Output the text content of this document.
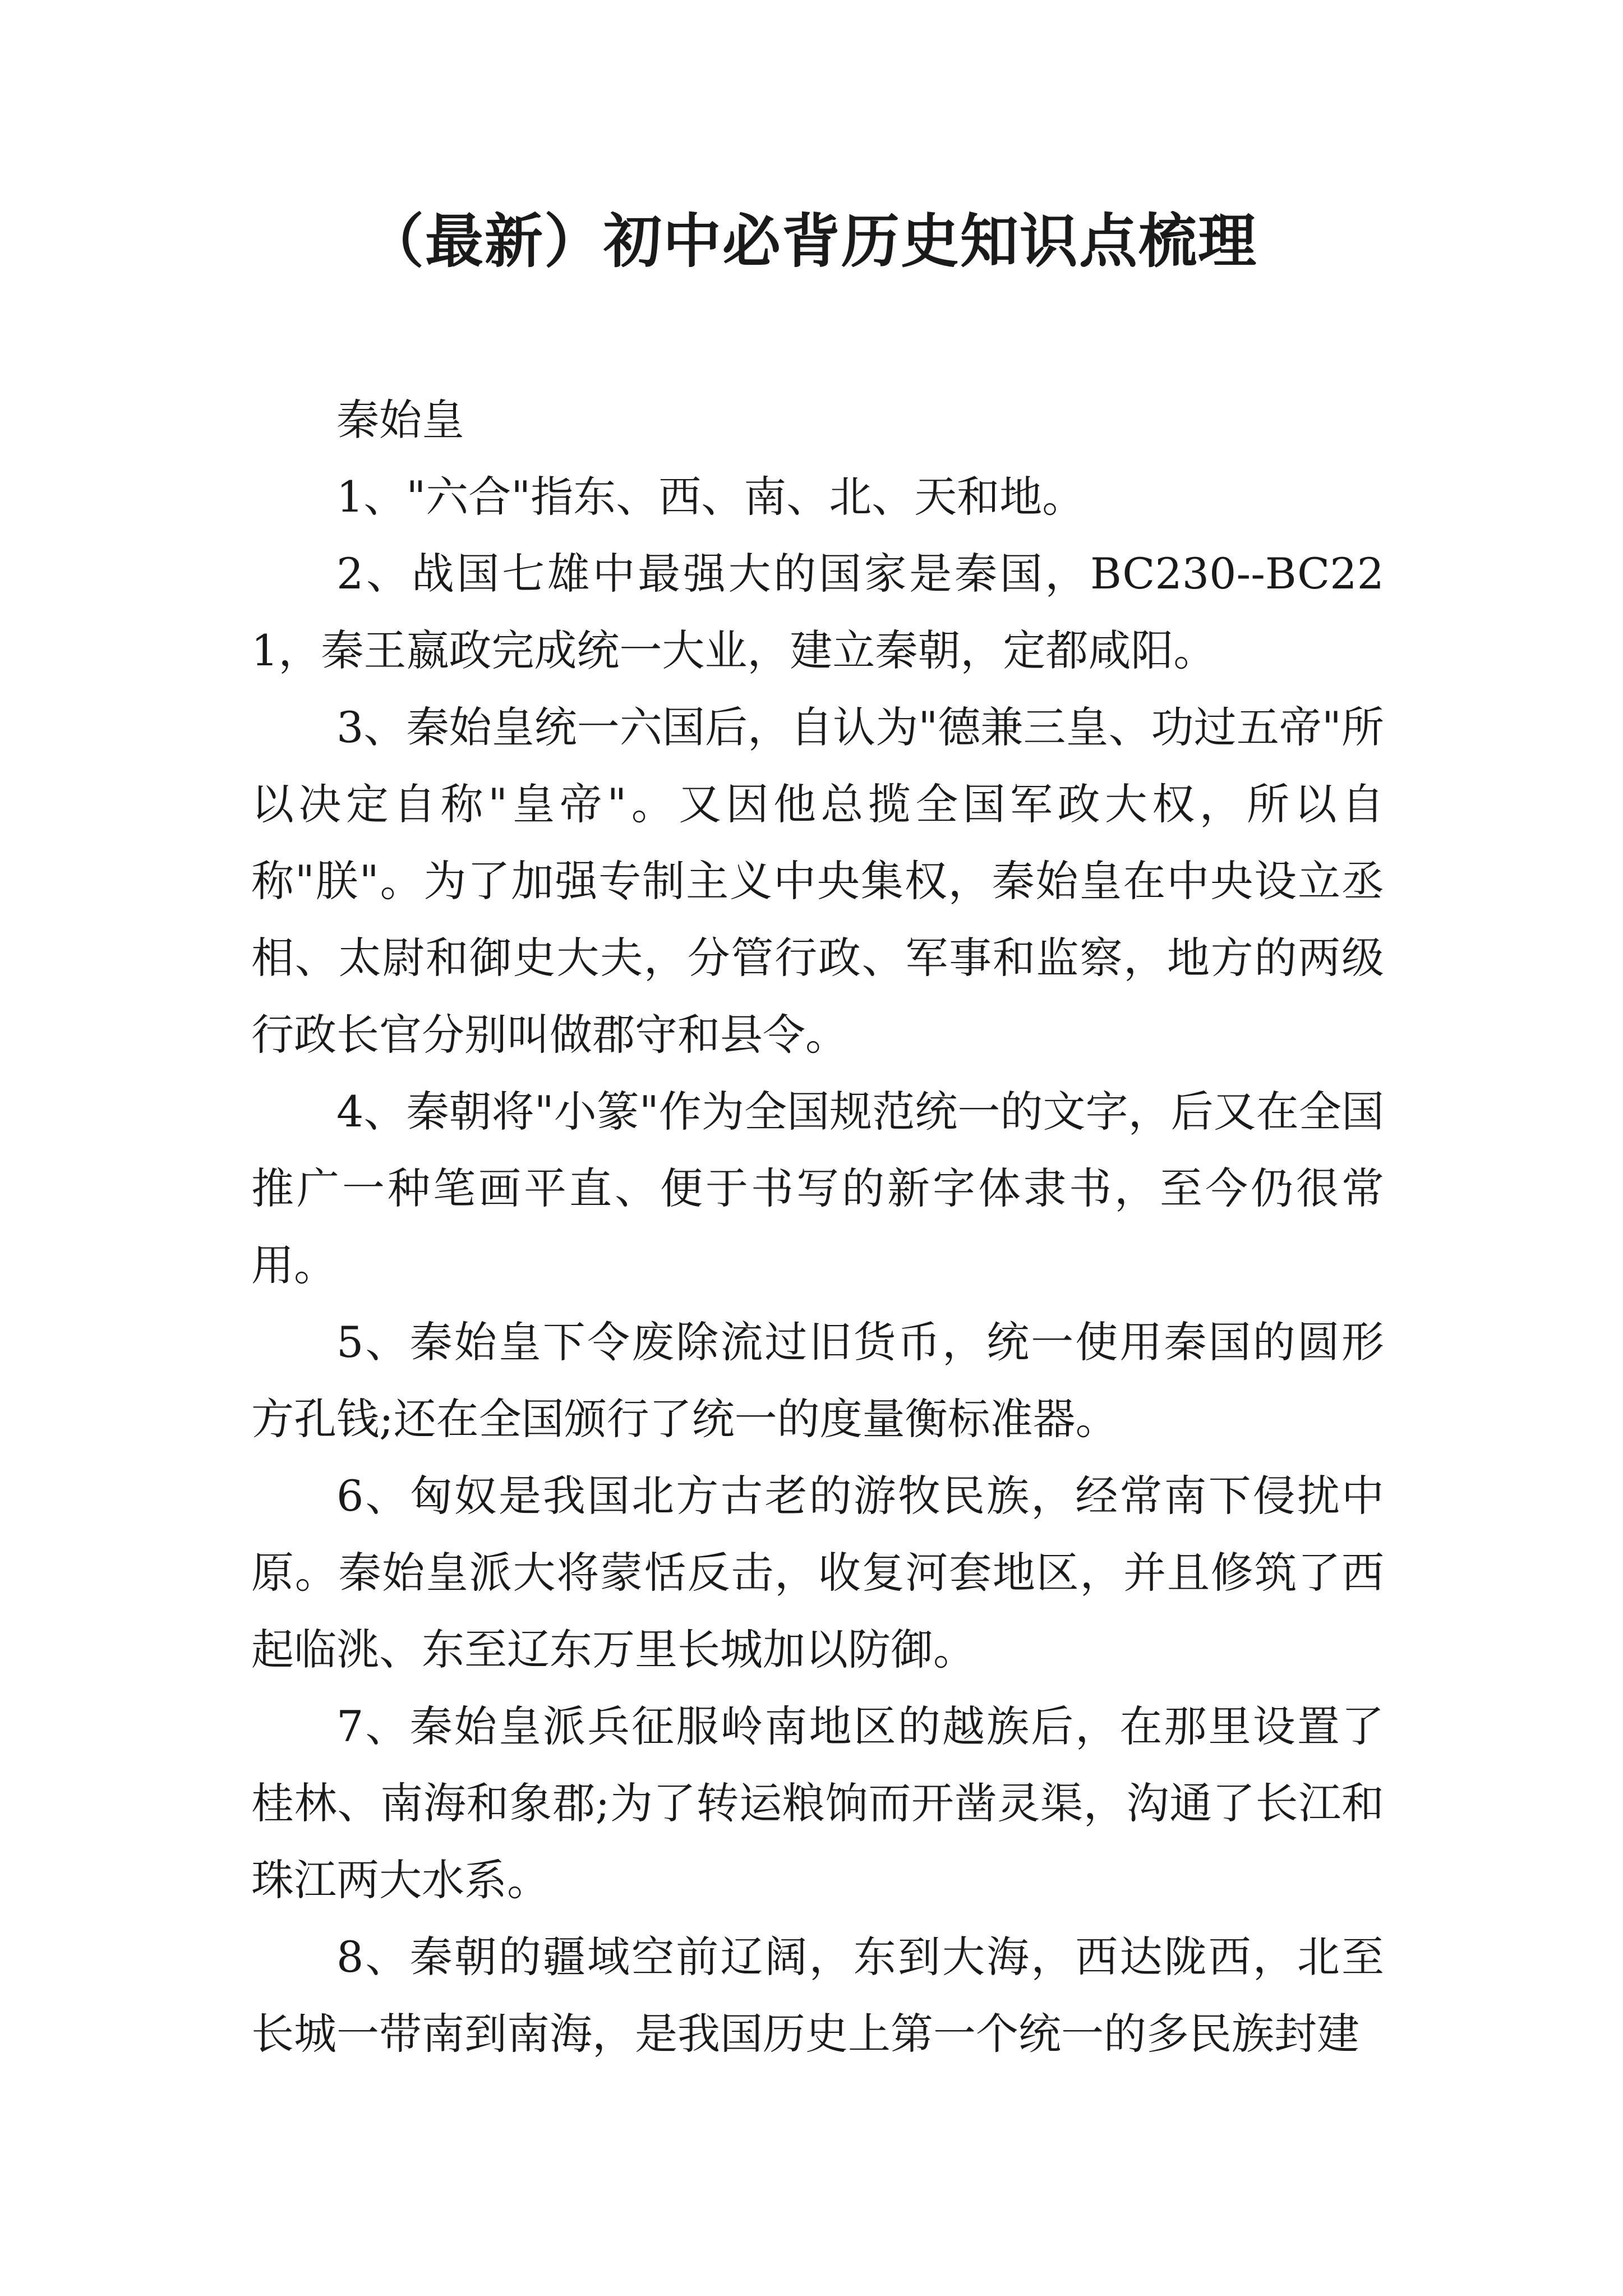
（最新）初中必背历史知识点梳理

秦始皇

1、"六合"指东、西、南、北、天和地。

2、战国七雄中最强大的国家是秦国，BC230--BC221，秦王嬴政完成统一大业，建立秦朝，定都咸阳。

3、秦始皇统一六国后，自认为"德兼三皇、功过五帝"所以决定自称"皇帝"。又因他总揽全国军政大权，所以自称"朕"。为了加强专制主义中央集权，秦始皇在中央设立丞相、太尉和御史大夫，分管行政、军事和监察，地方的两级行政长官分别叫做郡守和县令。

4、秦朝将"小篆"作为全国规范统一的文字，后又在全国推广一种笔画平直、便于书写的新字体隶书，至今仍很常用。

5、秦始皇下令废除流过旧货币，统一使用秦国的圆形方孔钱;还在全国颁行了统一的度量衡标准器。

6、匈奴是我国北方古老的游牧民族，经常南下侵扰中原。秦始皇派大将蒙恬反击，收复河套地区，并且修筑了西起临洮、东至辽东万里长城加以防御。

7、秦始皇派兵征服岭南地区的越族后，在那里设置了桂林、南海和象郡;为了转运粮饷而开凿灵渠，沟通了长江和珠江两大水系。

8、秦朝的疆域空前辽阔，东到大海，西达陇西，北至长城一带南到南海，是我国历史上第一个统一的多民族封建
